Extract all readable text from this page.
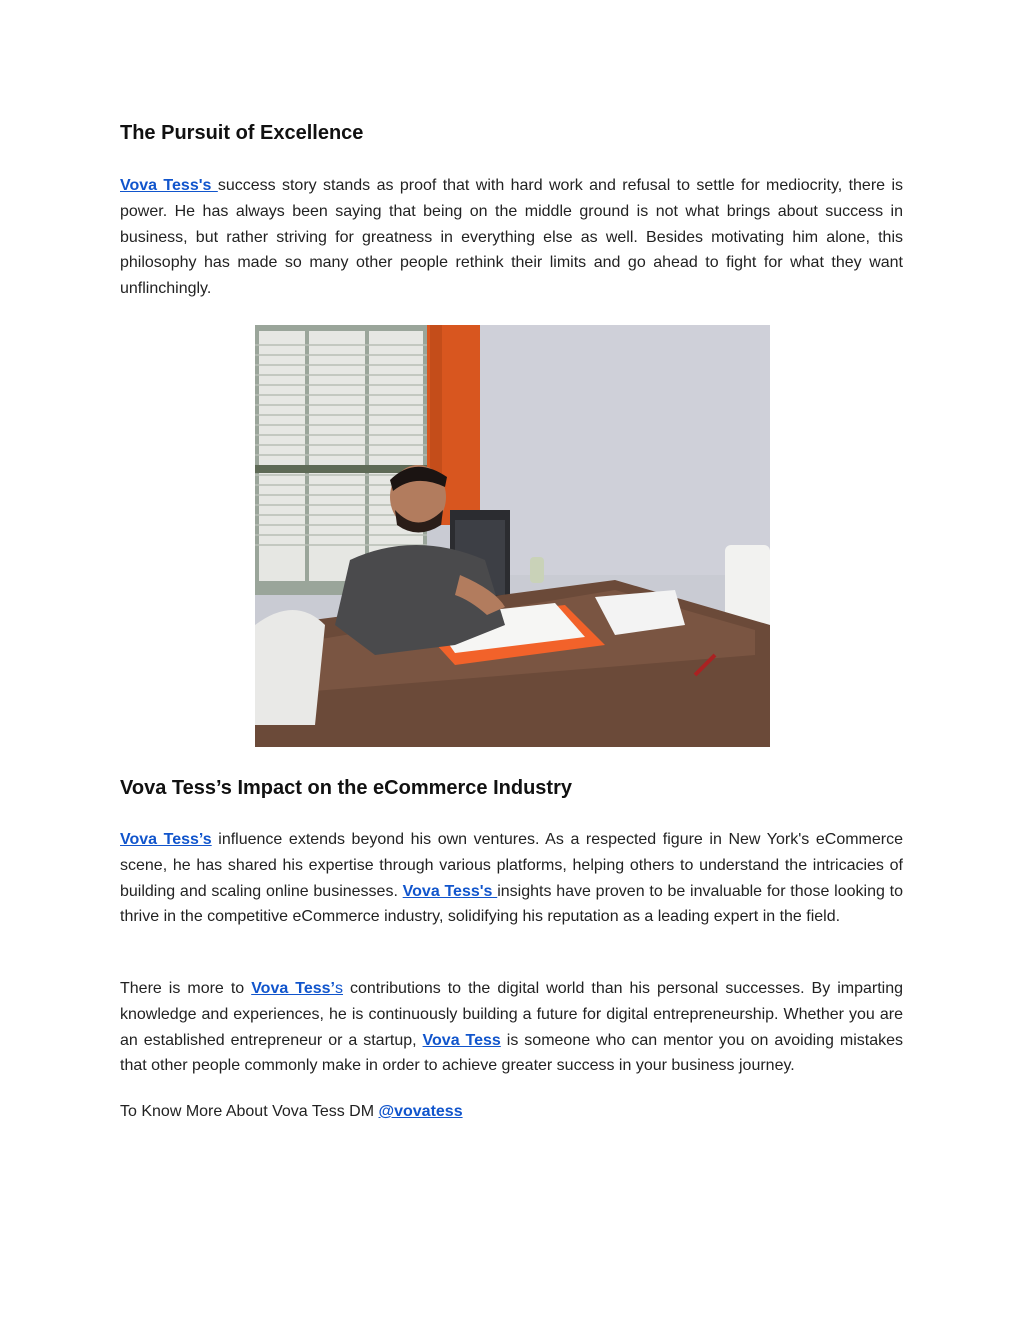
The Pursuit of Excellence

Vova Tess's success story stands as proof that with hard work and refusal to settle for mediocrity, there is power. He has always been saying that being on the middle ground is not what brings about success in business, but rather striving for greatness in everything else as well. Besides motivating him alone, this philosophy has made so many other people rethink their limits and go ahead to fight for what they want unflinchingly.

Vova Tess’s Impact on the eCommerce Industry

Vova Tess’s influence extends beyond his own ventures. As a respected figure in New York's eCommerce scene, he has shared his expertise through various platforms, helping others to understand the intricacies of building and scaling online businesses. Vova Tess's insights have proven to be invaluable for those looking to thrive in the competitive eCommerce industry, solidifying his reputation as a leading expert in the field.

There is more to Vova Tess’s contributions to the digital world than his personal successes. By imparting knowledge and experiences, he is continuously building a future for digital entrepreneurship. Whether you are an established entrepreneur or a startup, Vova Tess is someone who can mentor you on avoiding mistakes that other people commonly make in order to achieve greater success in your business journey.

To Know More About Vova Tess DM @vovatess
